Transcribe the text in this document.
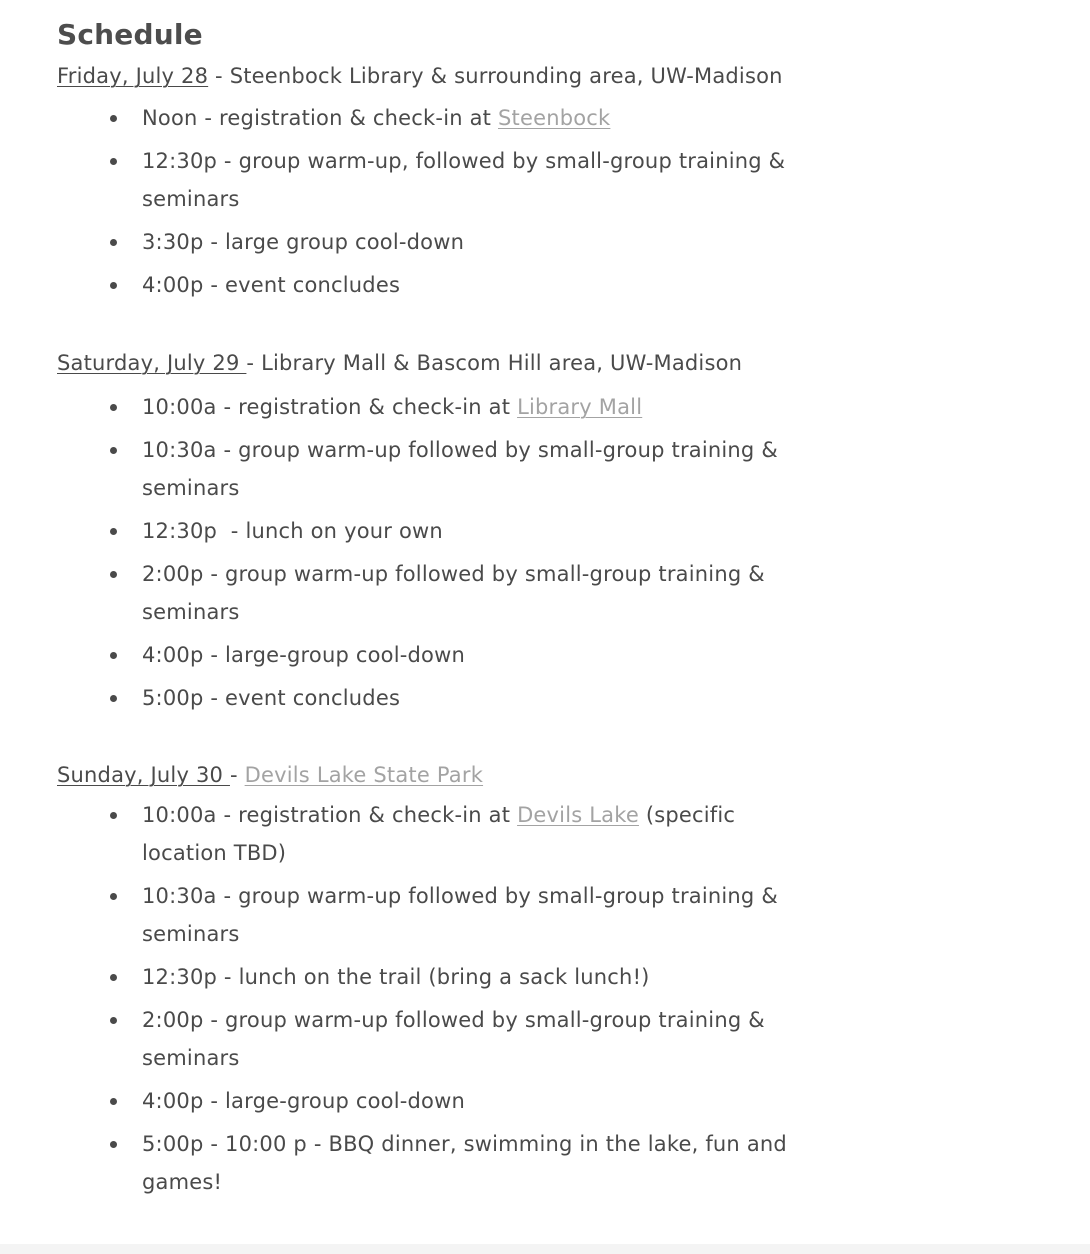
Schedule
Friday, July 28 - Steenbock Library & surrounding area, UW-Madison
Noon - registration & check-in at Steenbock
12:30p - group warm-up, followed by small-group training & seminars
3:30p - large group cool-down
4:00p - event concludes
Saturday, July 29 - Library Mall & Bascom Hill area, UW-Madison
10:00a - registration & check-in at Library Mall
10:30a - group warm-up followed by small-group training & seminars
12:30p  - lunch on your own
2:00p - group warm-up followed by small-group training & seminars
4:00p - large-group cool-down
5:00p - event concludes
Sunday, July 30 - Devils Lake State Park
10:00a - registration & check-in at Devils Lake (specific location TBD)
10:30a - group warm-up followed by small-group training & seminars
12:30p - lunch on the trail (bring a sack lunch!)
2:00p - group warm-up followed by small-group training & seminars
4:00p - large-group cool-down
5:00p - 10:00 p - BBQ dinner, swimming in the lake, fun and games!
